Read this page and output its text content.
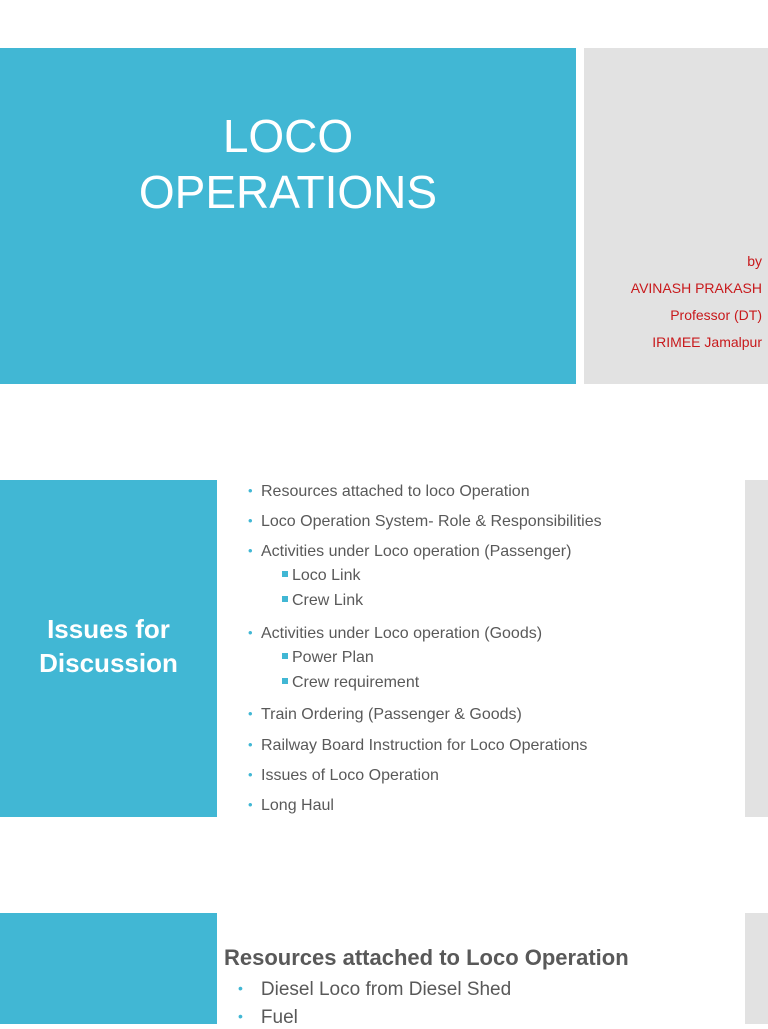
LOCO
OPERATIONS
by
AVINASH PRAKASH
Professor (DT)
IRIMEE Jamalpur
Issues for
Discussion
• Resources attached to loco Operation
• Loco Operation System- Role & Responsibilities
• Activities under Loco operation (Passenger)
Loco Link
Crew Link
• Activities under Loco operation (Goods)
Power Plan
Crew requirement
• Train Ordering (Passenger & Goods)
• Railway Board Instruction for Loco Operations
• Issues of Loco Operation
• Long Haul
Resources attached to Loco Operation
• Diesel Loco from Diesel Shed
• Fuel
